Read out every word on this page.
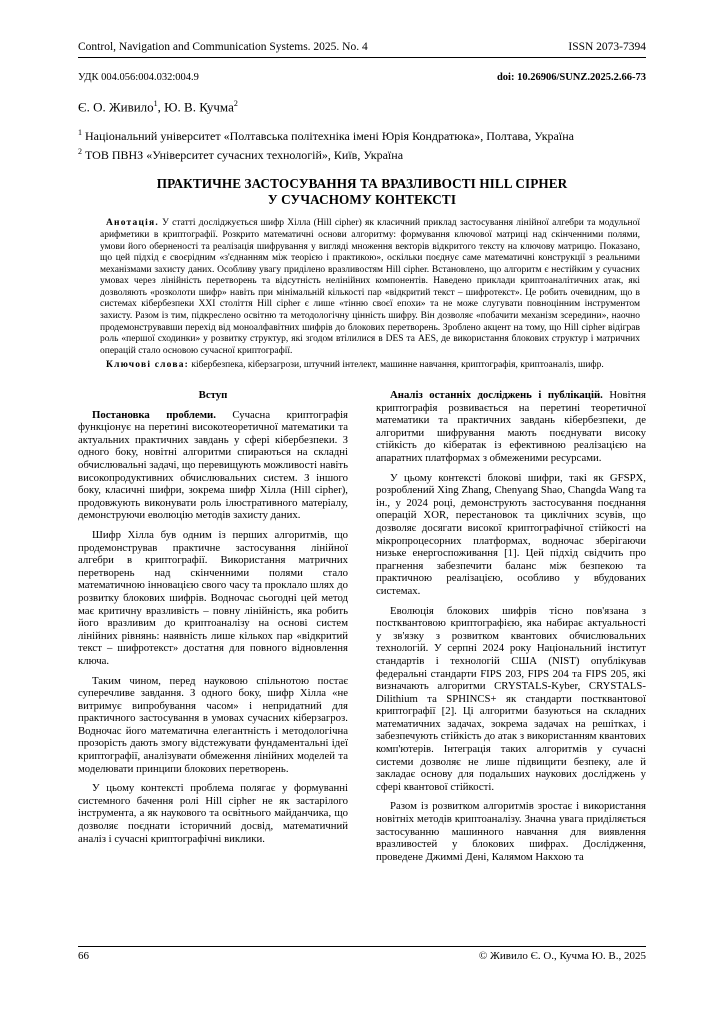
Control, Navigation and Communication Systems. 2025. No. 4	ISSN 2073-7394
УДК 004.056:004.032:004.9	doi: 10.26906/SUNZ.2025.2.66-73
Є. О. Живило$^1$, Ю. В. Кучма$^2$
$^1$ Національний університет «Полтавська політехніка імені Юрія Кондратюка», Полтава, Україна
$^2$ ТОВ ПВНЗ «Університет сучасних технологій», Київ, Україна
ПРАКТИЧНЕ ЗАСТОСУВАННЯ ТА ВРАЗЛИВОСТІ HILL CIPHER
У СУЧАСНОМУ КОНТЕКСТІ
Анотація. У статті досліджується шифр Хілла (Hill cipher) як класичний приклад застосування лінійної алгебри та модульної арифметики в криптографії. Розкрито математичні основи алгоритму: формування ключової матриці над скінченними полями, умови його оберненості та реалізація шифрування у вигляді множення векторів відкритого тексту на ключову матрицю. Показано, що цей підхід є своєрідним «з'єднанням між теорією і практикою», оскільки поєднує саме математичні конструкції з реальними механізмами захисту даних. Особливу увагу приділено вразливостям Hill cipher. Встановлено, що алгоритм є нестійким у сучасних умовах через лінійність перетворень та відсутність нелінійних компонентів. Наведено приклади криптоаналітичних атак, які дозволяють «розколоти шифр» навіть при мінімальній кількості пар «відкритий текст – шифротекст». Це робить очевидним, що в системах кібербезпеки XXI століття Hill cipher є лише «тінню своєї епохи» та не може слугувати повноцінним інструментом захисту. Разом із тим, підкреслено освітню та методологічну цінність шифру. Він дозволяє «побачити механізм зсередини», наочно продемонструвавши перехід від моноалфавітних шифрів до блокових перетворень. Зроблено акцент на тому, що Hill cipher відіграв роль «першої сходинки» у розвитку структур, які згодом втілилися в DES та AES, де використання блокових структур і матричних операцій стало основою сучасної криптографії.
Ключові слова: кібербезпека, кіберзагрози, штучний інтелект, машинне навчання, криптографія, криптоаналіз, шифр.
Вступ

Постановка проблеми. Сучасна криптографія функціонує на перетині високотеоретичної математики та актуальних практичних завдань у сфері кібербезпеки. З одного боку, новітні алгоритми спираються на складні обчислювальні задачі, що перевищують можливості навіть високопродуктивних обчислювальних систем. З іншого боку, класичні шифри, зокрема шифр Хілла (Hill cipher), продовжують виконувати роль ілюстративного матеріалу, демонструючи еволюцію методів захисту даних.

Шифр Хілла був одним із перших алгоритмів, що продемонстрував практичне застосування лінійної алгебри в криптографії. Використання матричних перетворень над скінченними полями стало математичною інновацією свого часу та проклало шлях до розвитку блокових шифрів. Водночас сьогодні цей метод має критичну вразливість – повну лінійність, яка робить його вразливим до криптоаналізу на основі систем лінійних рівнянь: наявність лише кількох пар «відкритий текст – шифротекст» достатня для повного відновлення ключа.

Таким чином, перед науковою спільнотою постає суперечливе завдання. З одного боку, шифр Хілла «не витримує випробування часом» і непридатний для практичного застосування в умовах сучасних кіберзагроз. Водночас його математична елегантність і методологічна прозорість дають змогу відстежувати фундаментальні ідеї криптографії, аналізувати обмеження лінійних моделей та моделювати принципи блокових перетворень.

У цьому контексті проблема полягає у формуванні системного бачення ролі Hill cipher не як застарілого інструмента, а як наукового та освітнього майданчика, що дозволяє поєднати історичний досвід, математичний аналіз і сучасні криптографічні виклики.

Аналіз останніх досліджень і публікацій. Новітня криптографія розвивається на перетині теоретичної математики та практичних завдань кібербезпеки, де алгоритми шифрування мають поєднувати високу стійкість до кібератак із ефективною реалізацією на апаратних платформах з обмеженими ресурсами.

У цьому контексті блокові шифри, такі як GFSPX, розроблений Xing Zhang, Chenyang Shao, Changda Wang та ін., у 2024 році, демонструють застосування поєднання операцій XOR, перестановок та циклічних зсувів, що дозволяє досягати високої криптографічної стійкості на мікропроцесорних платформах, водночас зберігаючи низьке енергоспоживання [1]. Цей підхід свідчить про прагнення забезпечити баланс між безпекою та практичною реалізацією, особливо у вбудованих системах.

Еволюція блокових шифрів тісно пов'язана з постквантовою криптографією, яка набирає актуальності у зв'язку з розвитком квантових обчислювальних технологій. У серпні 2024 року Національний інститут стандартів і технологій США (NIST) опублікував федеральні стандарти FIPS 203, FIPS 204 та FIPS 205, які визначають алгоритми CRYSTALS-Kyber, CRYSTALS-Dilithium та SPHINCS+ як стандарти постквантової криптографії [2]. Ці алгоритми базуються на складних математичних задачах, зокрема задачах на решітках, і забезпечують стійкість до атак з використанням квантових комп'ютерів. Інтеграція таких алгоритмів у сучасні системи дозволяє не лише підвищити безпеку, але й закладає основу для подальших наукових досліджень у сфері квантової стійкості.

Разом із розвитком алгоритмів зростає і використання новітніх методів криптоаналізу. Значна увага приділяється застосуванню машинного навчання для виявлення вразливостей у блокових шифрах. Дослідження, проведене Джиммі Дені, Калямом Накхою та

66	© Живило Є. О., Кучма Ю. В., 2025
